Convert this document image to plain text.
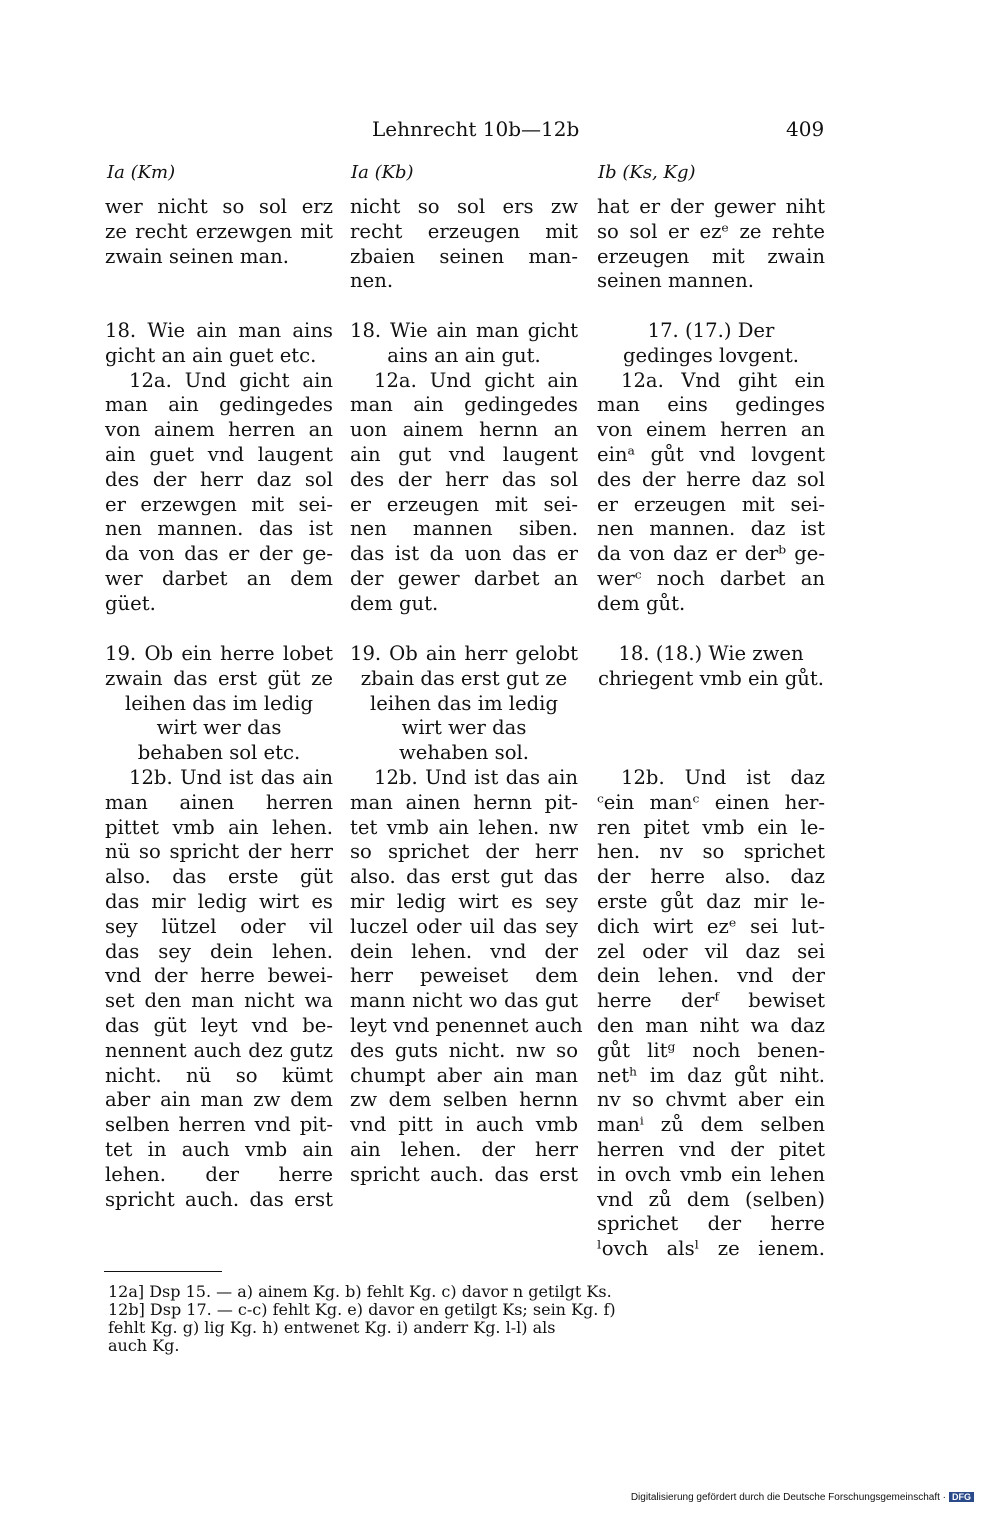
Lehnrecht 10b—12b	409
Ia (Km)	Ia (Kb)	Ib (Ks, Kg)
wer nicht so sol erz
ze recht erzewgen mit
zwain seinen man.
18. Wie ain man ains
gicht an ain guet etc.
12a. Und gicht ain
man ain gedingedes
von ainem herren an
ain guet vnd laugent
des der herr daz sol
er erzewgen mit sei-
nen mannen. das ist
da von das er der ge-
wer darbet an dem
güet.
19. Ob ein herre lobet
zwain das erst güt ze
leihen das im ledig
wirt wer das
behaben sol etc.
12b. Und ist das ain
man ainen herren
pittet vmb ain lehen.
nü so spricht der herr
also. das erste güt
das mir ledig wirt es
sey lützel oder vil
das sey dein lehen.
vnd der herre bewei-
set den man nicht wa
das güt leyt vnd be-
nennent auch dez gutz
nicht. nü so kümt
aber ain man zw dem
selben herren vnd pit-
tet in auch vmb ain
lehen. der herre
spricht auch. das erst
nicht so sol ers zw
recht erzeugen mit
zbaien seinen man-
nen.
18. Wie ain man gicht
ains an ain gut.
12a. Und gicht ain
man ain gedingedes
uon ainem hernn an
ain gut vnd laugent
des der herr das sol
er erzeugen mit sei-
nen mannen siben.
das ist da uon das er
der gewer darbet an
dem gut.
19. Ob ain herr gelobt
zbain das erst gut ze
leihen das im ledig
wirt wer das
wehaben sol.
12b. Und ist das ain
man ainen hernn pit-
tet vmb ain lehen. nw
so sprichet der herr
also. das erst gut das
mir ledig wirt es sey
luczel oder uil das sey
dein lehen. vnd der
herr peweiset dem
mann nicht wo das gut
leyt vnd penennet auch
des guts nicht. nw so
chumpt aber ain man
zw dem selben hernn
vnd pitt in auch vmb
ain lehen. der herr
spricht auch. das erst
hat er der gewer niht
so sol er ezᵉ ze rehte
erzeugen mit zwain
seinen mannen.
17. (17.) Der
gedinges lovgent.
12a. Vnd giht ein
man eins gedinges
von einem herren an
einᵃ gůt vnd lovgent
des der herre daz sol
er erzeugen mit sei-
nen mannen. daz ist
da von daz er derᵇ ge-
werᶜ noch darbet an
dem gůt.
18. (18.) Wie zwen
chriegent vmb ein gůt.
12b. Und ist daz
ᶜein manᶜ einen her-
ren pitet vmb ein le-
hen. nv so sprichet
der herre also. daz
erste gůt daz mir le-
dich wirt ezᵉ sei lut-
zel oder vil daz sei
dein lehen. vnd der
herre derᶠ bewiset
den man niht wa daz
gůt litᵍ noch benen-
netʰ im daz gůt niht.
nv so chvmt aber ein
manⁱ zů dem selben
herren vnd der pitet
in ovch vmb ein lehen
vnd zů dem (selben)
sprichet der herre
ˡovch alsˡ ze ienem.
12a] Dsp 15. — a) ainem Kg. b) fehlt Kg. c) davor n getilgt Ks.
12b] Dsp 17. — c-c) fehlt Kg. e) davor en getilgt Ks; sein Kg. f)
fehlt Kg. g) lig Kg. h) entwenet Kg. i) anderr Kg. l-l) als
auch Kg.
Digitalisierung gefördert durch die Deutsche Forschungsgemeinschaft · DFG
